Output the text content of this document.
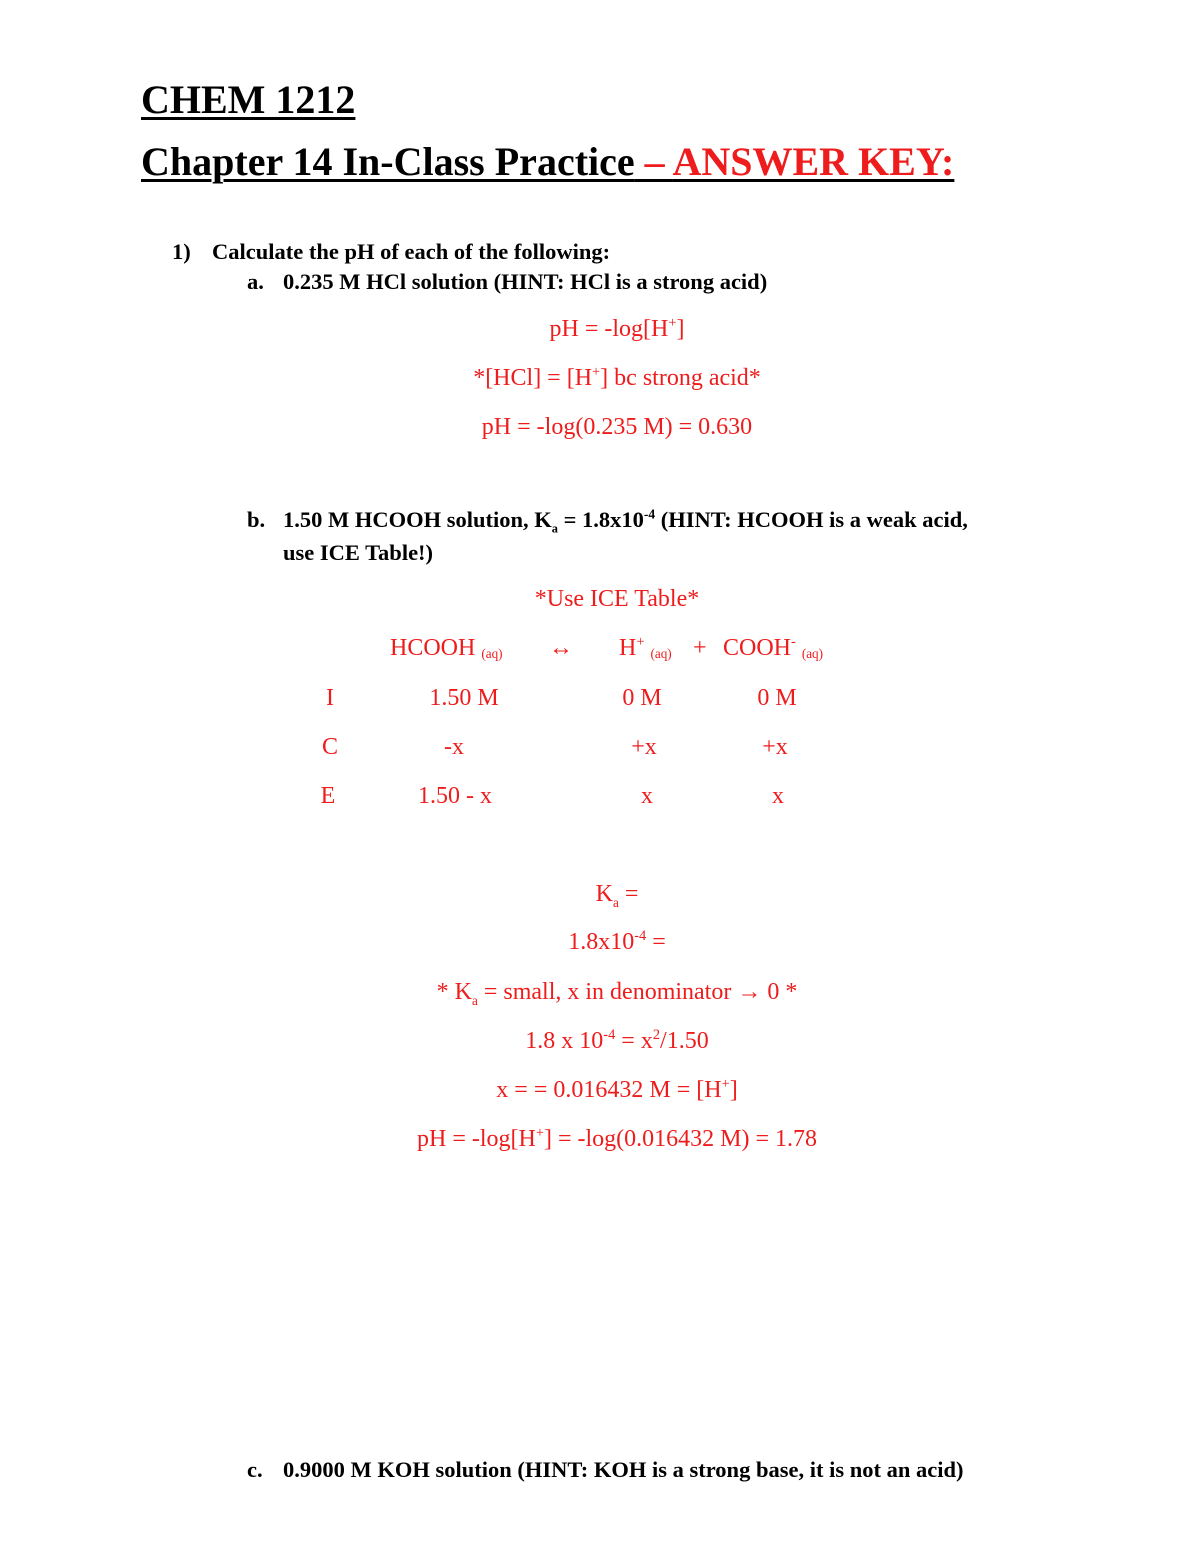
CHEM 1212
Chapter 14 In-Class Practice – ANSWER KEY:
1) Calculate the pH of each of the following:
a. 0.235 M HCl solution (HINT: HCl is a strong acid)
pH = -log[H+]
*[HCl] = [H+] bc strong acid*
pH = -log(0.235 M) = 0.630
b. 1.50 M HCOOH solution, $K_a = 1.8x10^{-4}$ (HINT: HCOOH is a weak acid,
use ICE Table!)
*Use ICE Table*
HCOOH (aq) ↔ H+ (aq) + COOH- (aq)
I	1.50 M	0 M	0 M
C	-x	+x	+x
E	1.50 - x	x	x
$K_a$ =
$1.8x10^{-4}$ =
* $K_a$ = small, x in denominator → 0 *
1.8 x $10^{-4} = x^2/1.50$
x = = 0.016432 M = [H+]
pH = -log[H+] = -log(0.016432 M) = 1.78
c. 0.9000 M KOH solution (HINT: KOH is a strong base, it is not an acid)
